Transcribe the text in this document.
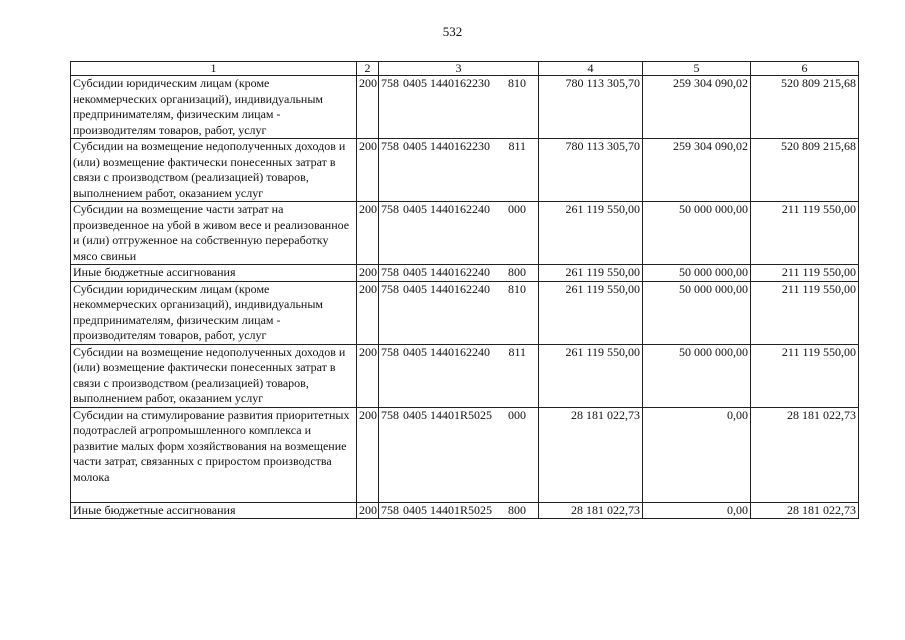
532
1	2	3	4	5	6
Субсидии юридическим лицам (кроме некоммерческих организаций), индивидуальным предпринимателям, физическим лицам - производителям товаров, работ, услуг	200	758 0405 1440162230 810	780 113 305,70	259 304 090,02	520 809 215,68
Субсидии на возмещение недополученных доходов и (или) возмещение фактически понесенных затрат в связи с производством (реализацией) товаров, выполнением работ, оказанием услуг	200	758 0405 1440162230 811	780 113 305,70	259 304 090,02	520 809 215,68
Субсидии на возмещение части затрат на произведенное на убой в живом весе и реализованное и (или) отгруженное на собственную переработку мясо свиньи	200	758 0405 1440162240 000	261 119 550,00	50 000 000,00	211 119 550,00
Иные бюджетные ассигнования	200	758 0405 1440162240 800	261 119 550,00	50 000 000,00	211 119 550,00
Субсидии юридическим лицам (кроме некоммерческих организаций), индивидуальным предпринимателям, физическим лицам - производителям товаров, работ, услуг	200	758 0405 1440162240 810	261 119 550,00	50 000 000,00	211 119 550,00
Субсидии на возмещение недополученных доходов и (или) возмещение фактически понесенных затрат в связи с производством (реализацией) товаров, выполнением работ, оказанием услуг	200	758 0405 1440162240 811	261 119 550,00	50 000 000,00	211 119 550,00
Субсидии на стимулирование развития приоритетных подотраслей агропромышленного комплекса и развитие малых форм хозяйствования на возмещение части затрат, связанных с приростом производства молока	200	758 0405 14401R5025 000	28 181 022,73	0,00	28 181 022,73
Иные бюджетные ассигнования	200	758 0405 14401R5025 800	28 181 022,73	0,00	28 181 022,73
